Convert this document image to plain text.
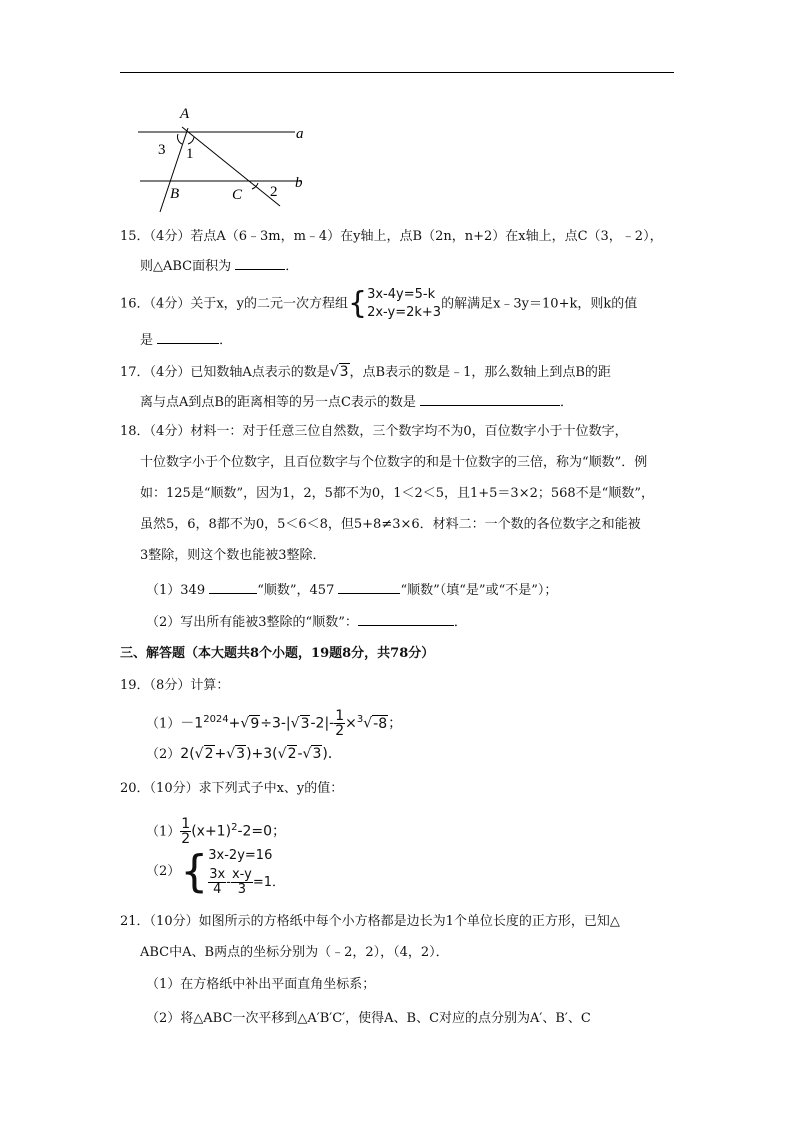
A
B	C
a
b
1
2
3
15．（4分）若点A（6﹣3m，m﹣4）在y轴上，点B（2n，n+2）在x轴上，点C（3，﹣2），
则△ABC面积为	．
16．（4分）关于x，y的二元一次方程组{ 3x-4y=5-k
2x-y=2k+3
的解满足x﹣3y＝10+k，则k的值
是	．
17．（4分）已知数轴A点表示的数是√3，点B表示的数是﹣1，那么数轴上到点B的距
离与点A到点B的距离相等的另一点C表示的数是	．
18．（4分）材料一：对于任意三位自然数，三个数字均不为0，百位数字小于十位数字，
十位数字小于个位数字，且百位数字与个位数字的和是十位数字的三倍，称为“顺数”．例
如：125是“顺数”，因为1，2，5都不为0，1＜2＜5，且1+5＝3×2；568不是“顺数”，
虽然5，6，8都不为0，5＜6＜8，但5+8≠3×6．材料二：一个数的各位数字之和能被
3整除，则这个数也能被3整除．
（1）349	“顺数”，457	“顺数”（填“是”或“不是”）；
（2）写出所有能被3整除的“顺数”：	．
三、解答题（本大题共8个小题，19题8分，共78分）
19．（8分）计算：
$(1)-1^{2024}+√9\div 3-|√3-2|- \frac{1}{2} \times^3√-8$；
（2）2(√2+√3)+3(√2-√3)．
20．（10分）求下列式子中x、y的值：
$(1) \frac{1}{2} (x+1)^2-2=0$；
（2）{ 3x-2y=16
$\frac{3x}{4} - \frac{x-y}{3} =1$．
21．（10分）如图所示的方格纸中每个小方格都是边长为1个单位长度的正方形，已知△
ABC中A、B两点的坐标分别为（﹣2，2），（4，2）．
（1）在方格纸中补出平面直角坐标系；
（2）将△ABC一次平移到△A′B′C′，使得A、B、C对应的点分别为A′、B′、C
